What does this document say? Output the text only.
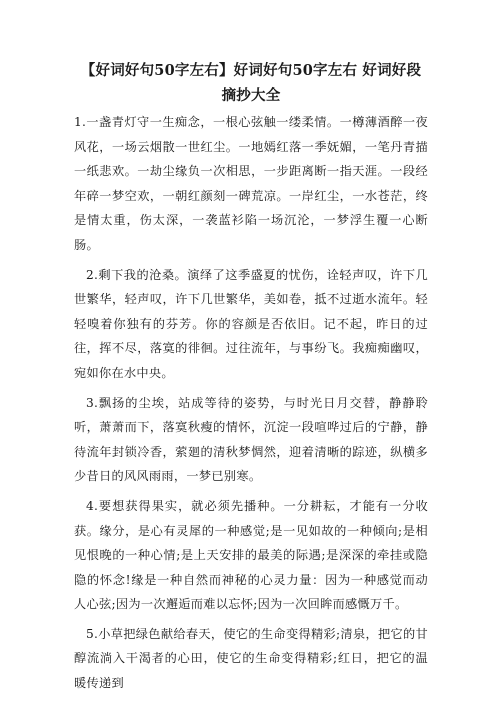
【好词好句50字左右】好词好句50字左右 好词好段摘抄大全

1.一盏青灯守一生痴念，一根心弦触一缕柔情。一樽薄酒醉一夜风花，一场云烟散一世红尘。一地嫣红落一季妩媚，一笔丹青描一纸悲欢。一劫尘缘负一次相思，一步距离断一指天涯。一段经年碎一梦空欢，一朝红颜刻一碑荒凉。一岸红尘，一水苍茫，终是情太重，伤太深，一袭蓝衫陷一场沉沦，一梦浮生覆一心断肠。

2.剩下我的沧桑。演绎了这季盛夏的忧伤，诠轻声叹，许下几世繁华，轻声叹，许下几世繁华，美如卷，抵不过逝水流年。轻轻嗅着你独有的芬芳。你的容颜是否依旧。记不起，昨日的过往，挥不尽，落寞的徘徊。过往流年，与事纷飞。我痴痴幽叹，宛如你在水中央。

3.飘扬的尘埃，站成等待的姿势，与时光日月交替，静静聆听，萧萧而下，落寞秋瘦的情怀，沉淀一段喧哗过后的宁静，静待流年封锁冷香，萦廻的清秋梦惆然，迎着清晰的踪迹，纵横多少昔日的风风雨雨，一梦已别寒。

4.要想获得果实，就必须先播种。一分耕耘，才能有一分收获。缘分，是心有灵犀的一种感觉;是一见如故的一种倾向;是相见恨晚的一种心情;是上天安排的最美的际遇;是深深的牵挂或隐隐的怀念!缘是一种自然而神秘的心灵力量：因为一种感觉而动人心弦;因为一次邂逅而难以忘怀;因为一次回眸而感慨万千。

5.小草把绿色献给春天，使它的生命变得精彩;清泉，把它的甘醇流淌入干渴者的心田，使它的生命变得精彩;红日，把它的温暖传递到
